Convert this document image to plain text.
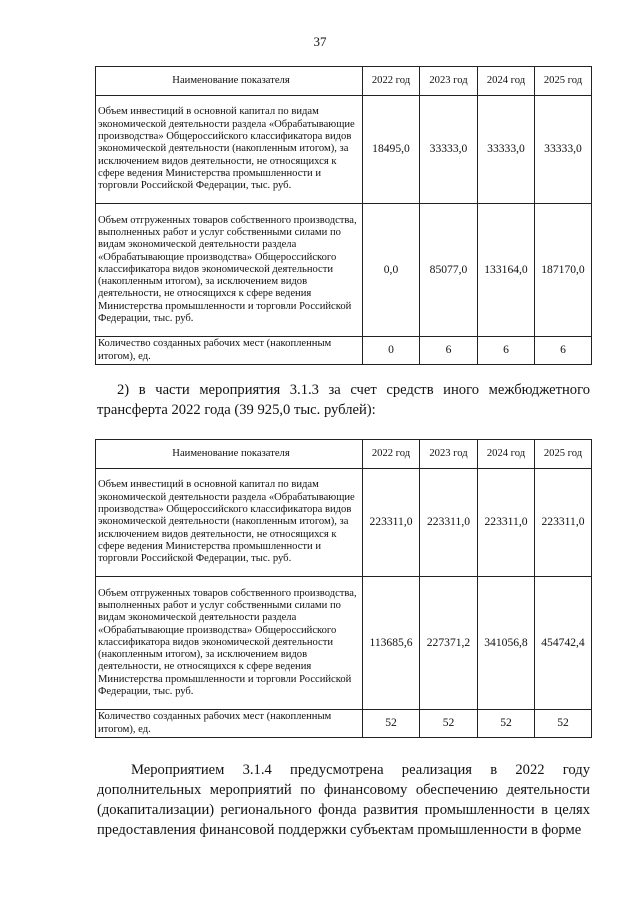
37
Наименование показателя	2022 год	2023 год	2024 год	2025 год
Объем инвестиций в основной капитал по видам экономической деятельности раздела «Обрабатывающие производства» Общероссийского классификатора видов экономической деятельности (накопленным итогом), за исключением видов деятельности, не относящихся к сфере ведения Министерства промышленности и торговли Российской Федерации, тыс. руб.	18495,0	33333,0	33333,0	33333,0
Объем отгруженных товаров собственного производства, выполненных работ и услуг собственными силами по видам экономической деятельности раздела «Обрабатывающие производства» Общероссийского классификатора видов экономической деятельности (накопленным итогом), за исключением видов деятельности, не относящихся к сфере ведения Министерства промышленности и торговли Российской Федерации, тыс. руб.	0,0	85077,0	133164,0	187170,0
Количество созданных рабочих мест (накопленным итогом), ед.	0	6	6	6

2) в части мероприятия 3.1.3 за счет средств иного межбюджетного трансферта 2022 года (39 925,0 тыс. рублей):

Наименование показателя	2022 год	2023 год	2024 год	2025 год
Объем инвестиций в основной капитал по видам экономической деятельности раздела «Обрабатывающие производства» Общероссийского классификатора видов экономической деятельности (накопленным итогом), за исключением видов деятельности, не относящихся к сфере ведения Министерства промышленности и торговли Российской Федерации, тыс. руб.	223311,0	223311,0	223311,0	223311,0
Объем отгруженных товаров собственного производства, выполненных работ и услуг собственными силами по видам экономической деятельности раздела «Обрабатывающие производства» Общероссийского классификатора видов экономической деятельности (накопленным итогом), за исключением видов деятельности, не относящихся к сфере ведения Министерства промышленности и торговли Российской Федерации, тыс. руб.	113685,6	227371,2	341056,8	454742,4
Количество созданных рабочих мест (накопленным итогом), ед.	52	52	52	52

Мероприятием 3.1.4 предусмотрена реализация в 2022 году дополнительных мероприятий по финансовому обеспечению деятельности (докапитализации) регионального фонда развития промышленности в целях предоставления финансовой поддержки субъектам промышленности в форме
